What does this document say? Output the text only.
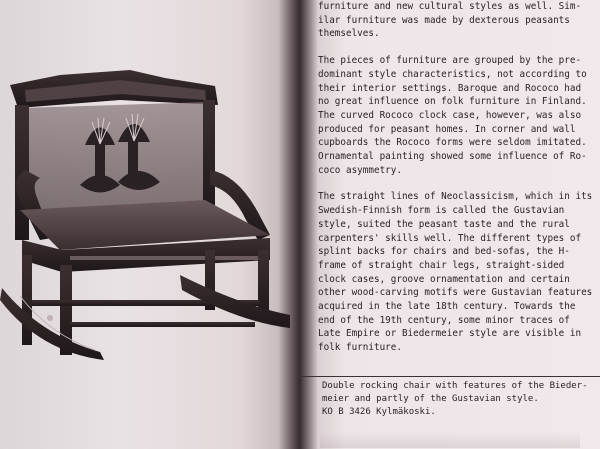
furniture and new cultural styles as well. Sim-
ilar furniture was made by dexterous peasants
themselves.

The pieces of furniture are grouped by the pre-
dominant style characteristics, not according to
their interior settings. Baroque and Rococo had
no great influence on folk furniture in Finland.
The curved Rococo clock case, however, was also
produced for peasant homes. In corner and wall
cupboards the Rococo forms were seldom imitated.
Ornamental painting showed some influence of Ro-
coco asymmetry.

The straight lines of Neoclassicism, which in its
Swedish-Finnish form is called the Gustavian
style, suited the peasant taste and the rural
carpenters' skills well. The different types of
splint backs for chairs and bed-sofas, the H-
frame of straight chair legs, straight-sided
clock cases, groove ornamentation and certain
other wood-carving motifs were Gustavian features
acquired in the late 18th century. Towards the
end of the 19th century, some minor traces of
Late Empire or Biedermeier style are visible in
folk furniture.

Double rocking chair with features of the Bieder-
meier and partly of the Gustavian style.
KO B 3426 Kylmäkoski.
